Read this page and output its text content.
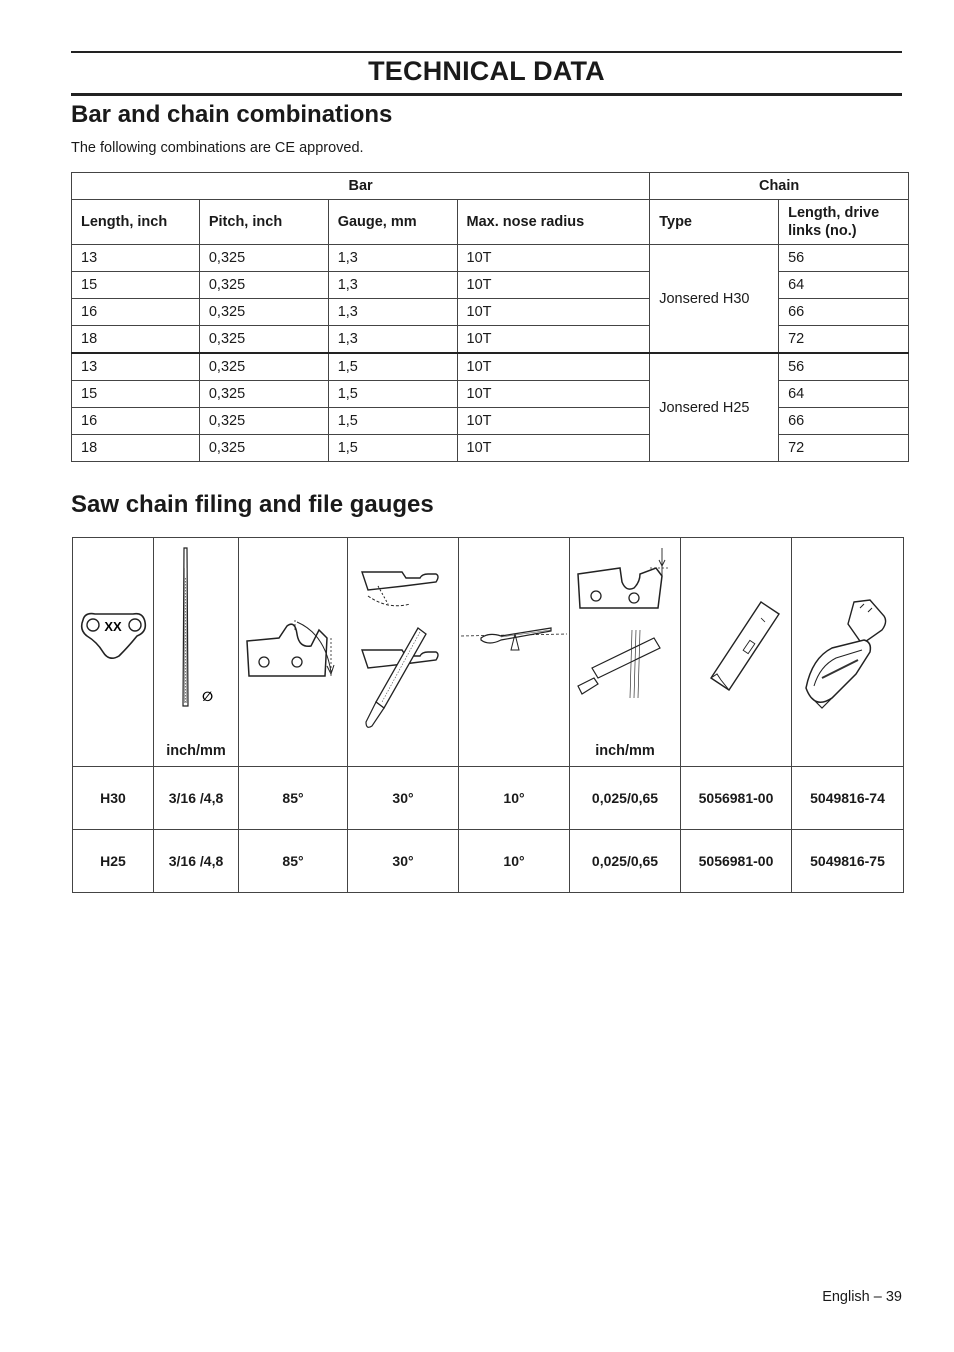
TECHNICAL DATA
Bar and chain combinations
The following combinations are CE approved.
Bar				Chain	
Length, inch	Pitch, inch	Gauge, mm	Max. nose radius	Type	Length, drive links (no.)
13	0,325	1,3	10T	Jonsered H30	56
15	0,325	1,3	10T		64
16	0,325	1,3	10T		66
18	0,325	1,3	10T		72
13	0,325	1,5	10T	Jonsered H25	56
15	0,325	1,5	10T		64
16	0,325	1,5	10T		66
18	0,325	1,5	10T		72
Saw chain filing and file gauges
XX	∅
inch/mm				inch/mm

H30	3/16 /4,8	85°	30°	10°	0,025/0,65	5056981-00	5049816-74
H25	3/16 /4,8	85°	30°	10°	0,025/0,65	5056981-00	5049816-75
English – 39
